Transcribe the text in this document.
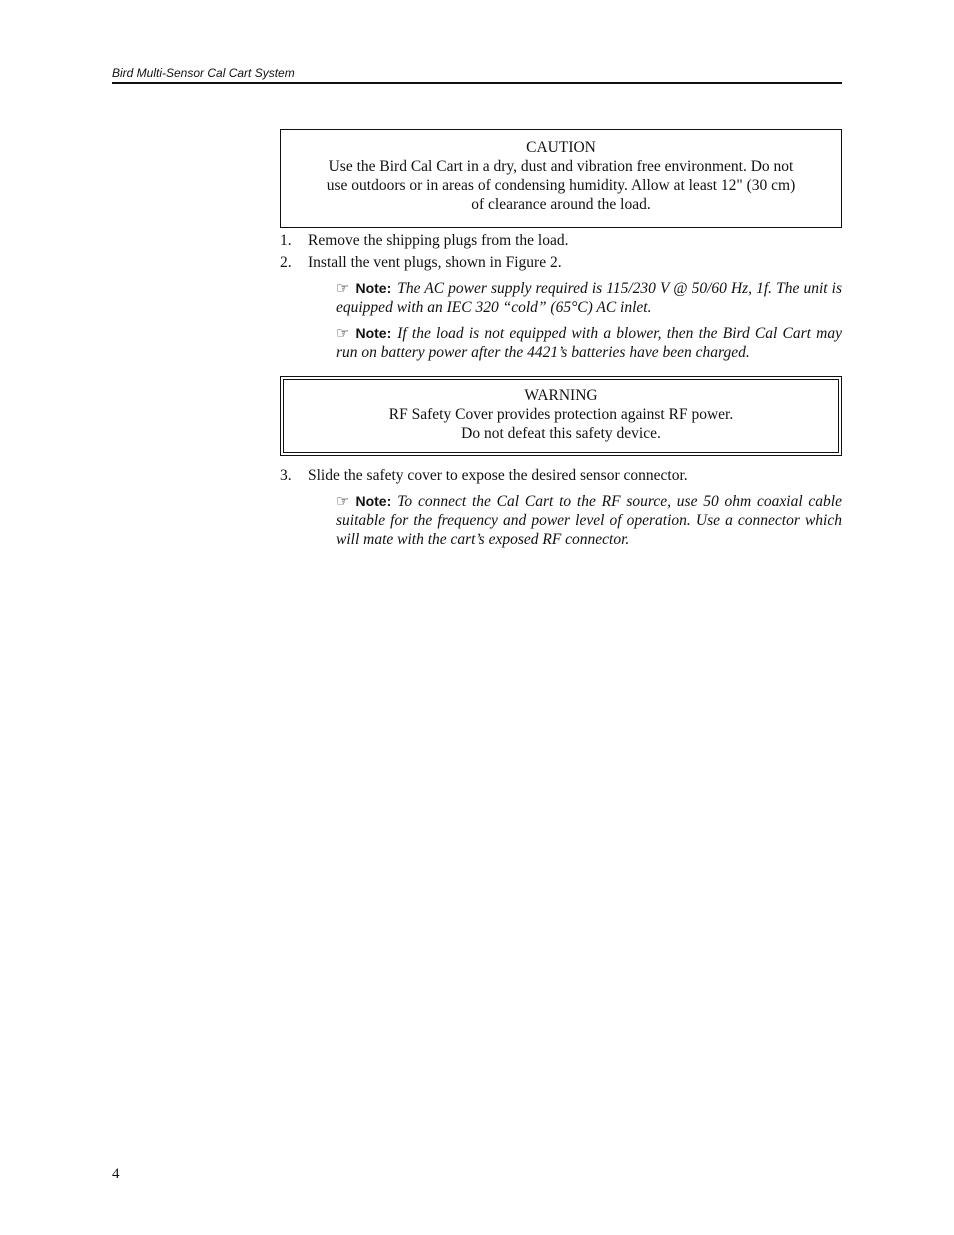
Bird Multi-Sensor Cal Cart System
CAUTION
Use the Bird Cal Cart in a dry, dust and vibration free environment. Do not
use outdoors or in areas of condensing humidity. Allow at least 12" (30 cm)
of clearance around the load.
1. Remove the shipping plugs from the load.
2. Install the vent plugs, shown in Figure 2.
☞ Note: The AC power supply required is 115/230 V @ 50/60 Hz, 1f. The unit is equipped with an IEC 320 “cold” (65°C) AC inlet.
☞ Note: If the load is not equipped with a blower, then the Bird Cal Cart may run on battery power after the 4421’s batteries have been charged.
WARNING
RF Safety Cover provides protection against RF power.
Do not defeat this safety device.
3. Slide the safety cover to expose the desired sensor connector.
☞ Note: To connect the Cal Cart to the RF source, use 50 ohm coaxial cable suitable for the frequency and power level of operation. Use a connector which will mate with the cart’s exposed RF connector.
4
